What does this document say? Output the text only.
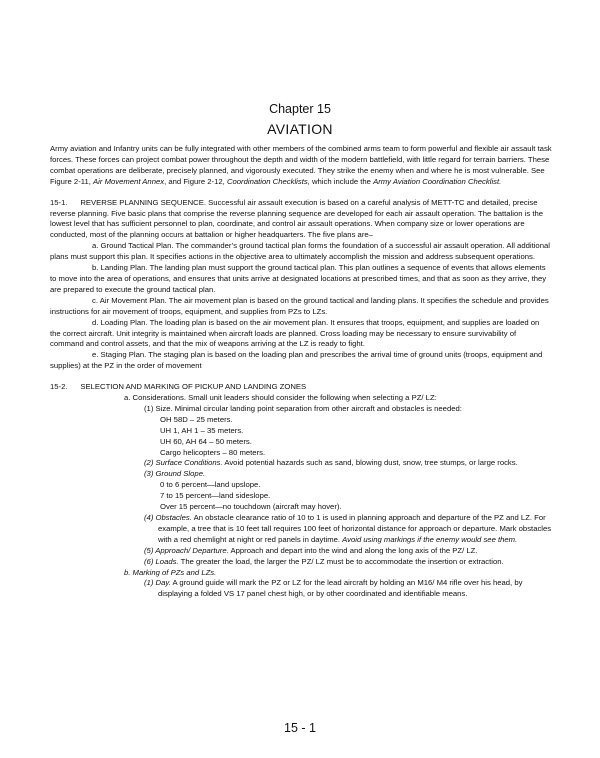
Chapter 15
AVIATION

Army aviation and Infantry units can be fully integrated with other members of the combined arms team to form powerful and flexible air assault task forces. These forces can project combat power throughout the depth and width of the modern battlefield, with little regard for terrain barriers. These combat operations are deliberate, precisely planned, and vigorously executed. They strike the enemy when and where he is most vulnerable. See Figure 2-11, Air Movement Annex, and Figure 2-12, Coordination Checklists, which include the Army Aviation Coordination Checklist.

15-1. REVERSE PLANNING SEQUENCE. Successful air assault execution is based on a careful analysis of METT-TC and detailed, precise reverse planning. Five basic plans that comprise the reverse planning sequence are developed for each air assault operation. The battalion is the lowest level that has sufficient personnel to plan, coordinate, and control air assault operations. When company size or lower operations are conducted, most of the planning occurs at battalion or higher headquarters. The five plans are–

a. Ground Tactical Plan. The commander’s ground tactical plan forms the foundation of a successful air assault operation. All additional plans must support this plan. It specifies actions in the objective area to ultimately accomplish the mission and address subsequent operations.

b. Landing Plan. The landing plan must support the ground tactical plan. This plan outlines a sequence of events that allows elements to move into the area of operations, and ensures that units arrive at designated locations at prescribed times, and that as soon as they arrive, they are prepared to execute the ground tactical plan.

c. Air Movement Plan. The air movement plan is based on the ground tactical and landing plans. It specifies the schedule and provides instructions for air movement of troops, equipment, and supplies from PZs to LZs.

d. Loading Plan. The loading plan is based on the air movement plan. It ensures that troops, equipment, and supplies are loaded on the correct aircraft. Unit integrity is maintained when aircraft loads are planned. Cross loading may be necessary to ensure survivability of command and control assets, and that the mix of weapons arriving at the LZ is ready to fight.

e. Staging Plan. The staging plan is based on the loading plan and prescribes the arrival time of ground units (troops, equipment and supplies) at the PZ in the order of movement

15-2. SELECTION AND MARKING OF PICKUP AND LANDING ZONES

a. Considerations. Small unit leaders should consider the following when selecting a PZ/ LZ:

(1) Size. Minimal circular landing point separation from other aircraft and obstacles is needed:

OH 58D – 25 meters.

UH 1, AH 1 – 35 meters.

UH 60, AH 64 – 50 meters.

Cargo helicopters – 80 meters.

(2) Surface Conditions. Avoid potential hazards such as sand, blowing dust, snow, tree stumps, or large rocks.

(3) Ground Slope.

0 to 6 percent—land upslope.

7 to 15 percent—land sideslope.

Over 15 percent—no touchdown (aircraft may hover).

(4) Obstacles. An obstacle clearance ratio of 10 to 1 is used in planning approach and departure of the PZ and LZ. For example, a tree that is 10 feet tall requires 100 feet of horizontal distance for approach or departure. Mark obstacles with a red chemlight at night or red panels in daytime. Avoid using markings if the enemy would see them.

(5) Approach/ Departure. Approach and depart into the wind and along the long axis of the PZ/ LZ.

(6) Loads. The greater the load, the larger the PZ/ LZ must be to accommodate the insertion or extraction.

b. Marking of PZs and LZs.

(1) Day. A ground guide will mark the PZ or LZ for the lead aircraft by holding an M16/ M4 rifle over his head, by displaying a folded VS 17 panel chest high, or by other coordinated and identifiable means.

15 - 1
